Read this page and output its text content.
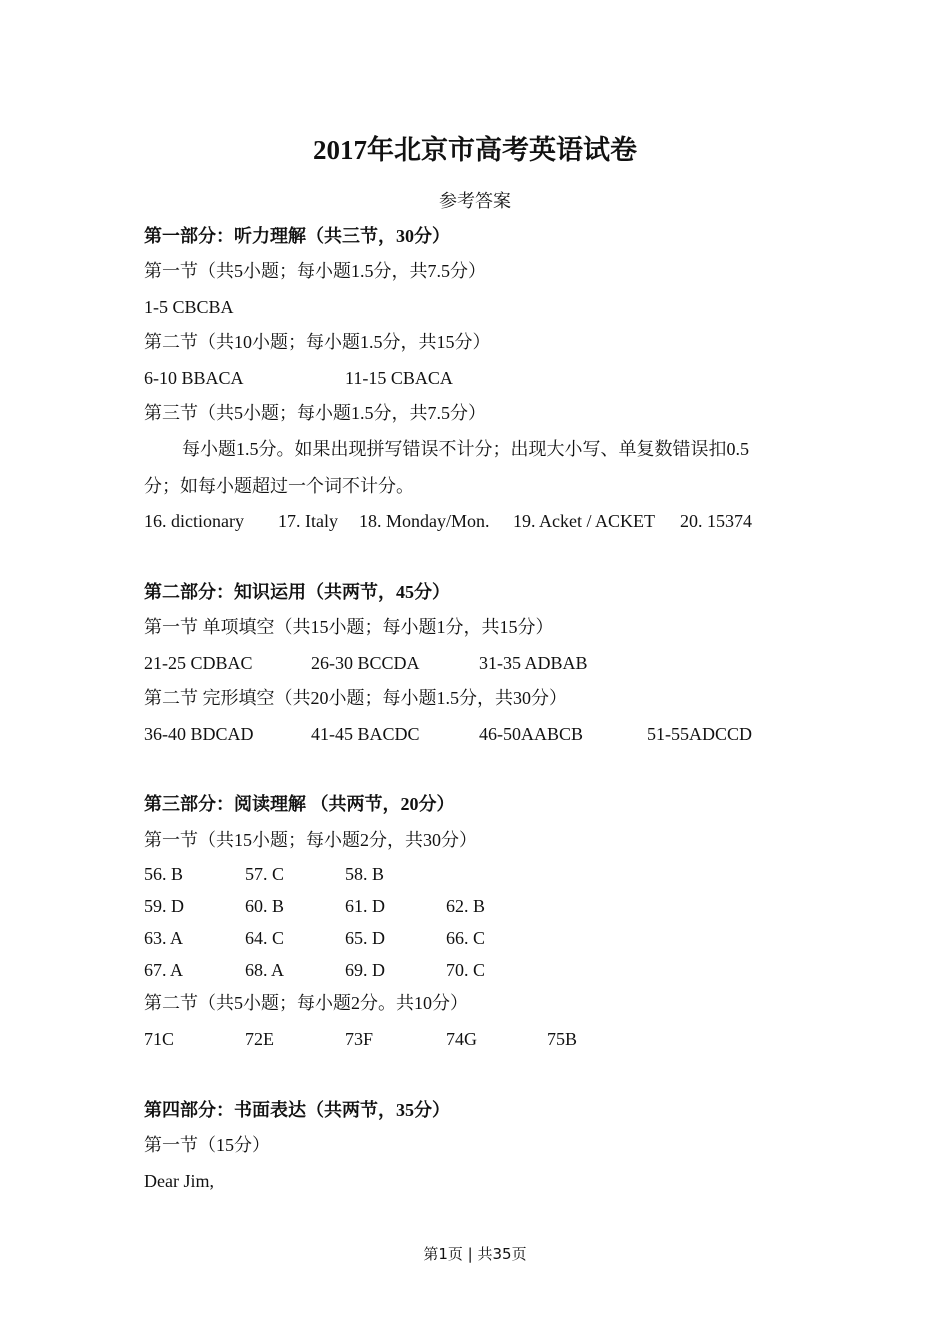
2017年北京市高考英语试卷

参考答案

第一部分：听力理解（共三节，30分）

第一节（共5小题；每小题1.5分，共7.5分）

1-5 CBCBA

第二节（共10小题；每小题1.5分，共15分）

6-10 BBACA	11-15 CBACA

第三节（共5小题；每小题1.5分，共7.5分）

每小题1.5分。如果出现拼写错误不计分；出现大小写、单复数错误扣0.5

分；如每小题超过一个词不计分。

16. dictionary 17. Italy 18. Monday/Mon. 19. Acket / ACKET 20. 15374

第二部分：知识运用（共两节，45分）

第一节 单项填空（共15小题；每小题1分，共15分）

21-25 CDBAC	26-30 BCCDA	31-35 ADBAB

第二节 完形填空（共20小题；每小题1.5分，共30分）

36-40 BDCAD	41-45 BACDC	46-50AABCB	51-55ADCCD

第三部分：阅读理解 （共两节，20分）

第一节（共15小题；每小题2分，共30分）

56. B	57. C	58. B
59. D	60. B	61. D	62. B
63. A	64. C	65. D	66. C
67. A	68. A	69. D	70. C

第二节（共5小题；每小题2分。共10分）

71C	72E	73F	74G	75B

第四部分：书面表达（共两节，35分）

第一节（15分）

Dear Jim,

第1页 | 共35页
